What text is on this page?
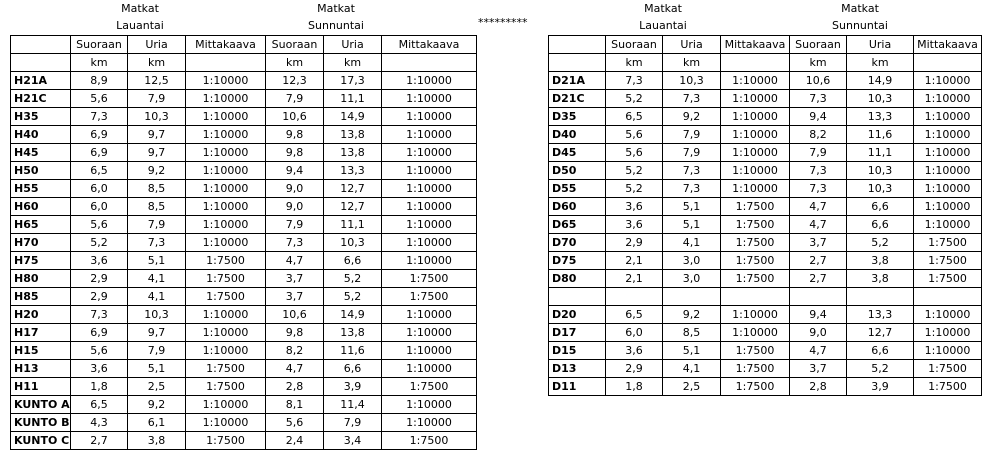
Matkat
Lauantai
Matkat
Sunnuntai	*********
Matkat
Lauantai
Matkat
Sunnuntai
	Suoraan	Uria	Mittakaava	Suoraan	Uria	Mittakaava
	km	km		km	km	
H21A	8,9	12,5	1:10000	12,3	17,3	1:10000
H21C	5,6	7,9	1:10000	7,9	11,1	1:10000
H35	7,3	10,3	1:10000	10,6	14,9	1:10000
H40	6,9	9,7	1:10000	9,8	13,8	1:10000
H45	6,9	9,7	1:10000	9,8	13,8	1:10000
H50	6,5	9,2	1:10000	9,4	13,3	1:10000
H55	6,0	8,5	1:10000	9,0	12,7	1:10000
H60	6,0	8,5	1:10000	9,0	12,7	1:10000
H65	5,6	7,9	1:10000	7,9	11,1	1:10000
H70	5,2	7,3	1:10000	7,3	10,3	1:10000
H75	3,6	5,1	1:7500	4,7	6,6	1:10000
H80	2,9	4,1	1:7500	3,7	5,2	1:7500
H85	2,9	4,1	1:7500	3,7	5,2	1:7500
H20	7,3	10,3	1:10000	10,6	14,9	1:10000
H17	6,9	9,7	1:10000	9,8	13,8	1:10000
H15	5,6	7,9	1:10000	8,2	11,6	1:10000
H13	3,6	5,1	1:7500	4,7	6,6	1:10000
H11	1,8	2,5	1:7500	2,8	3,9	1:7500
KUNTO A	6,5	9,2	1:10000	8,1	11,4	1:10000
KUNTO B	4,3	6,1	1:10000	5,6	7,9	1:10000
KUNTO C	2,7	3,8	1:7500	2,4	3,4	1:7500
	Suoraan	Uria	Mittakaava	Suoraan	Uria	Mittakaava
	km	km		km	km	
D21A	7,3	10,3	1:10000	10,6	14,9	1:10000
D21C	5,2	7,3	1:10000	7,3	10,3	1:10000
D35	6,5	9,2	1:10000	9,4	13,3	1:10000
D40	5,6	7,9	1:10000	8,2	11,6	1:10000
D45	5,6	7,9	1:10000	7,9	11,1	1:10000
D50	5,2	7,3	1:10000	7,3	10,3	1:10000
D55	5,2	7,3	1:10000	7,3	10,3	1:10000
D60	3,6	5,1	1:7500	4,7	6,6	1:10000
D65	3,6	5,1	1:7500	4,7	6,6	1:10000
D70	2,9	4,1	1:7500	3,7	5,2	1:7500
D75	2,1	3,0	1:7500	2,7	3,8	1:7500
D80	2,1	3,0	1:7500	2,7	3,8	1:7500

D20	6,5	9,2	1:10000	9,4	13,3	1:10000
D17	6,0	8,5	1:10000	9,0	12,7	1:10000
D15	3,6	5,1	1:7500	4,7	6,6	1:10000
D13	2,9	4,1	1:7500	3,7	5,2	1:7500
D11	1,8	2,5	1:7500	2,8	3,9	1:7500
